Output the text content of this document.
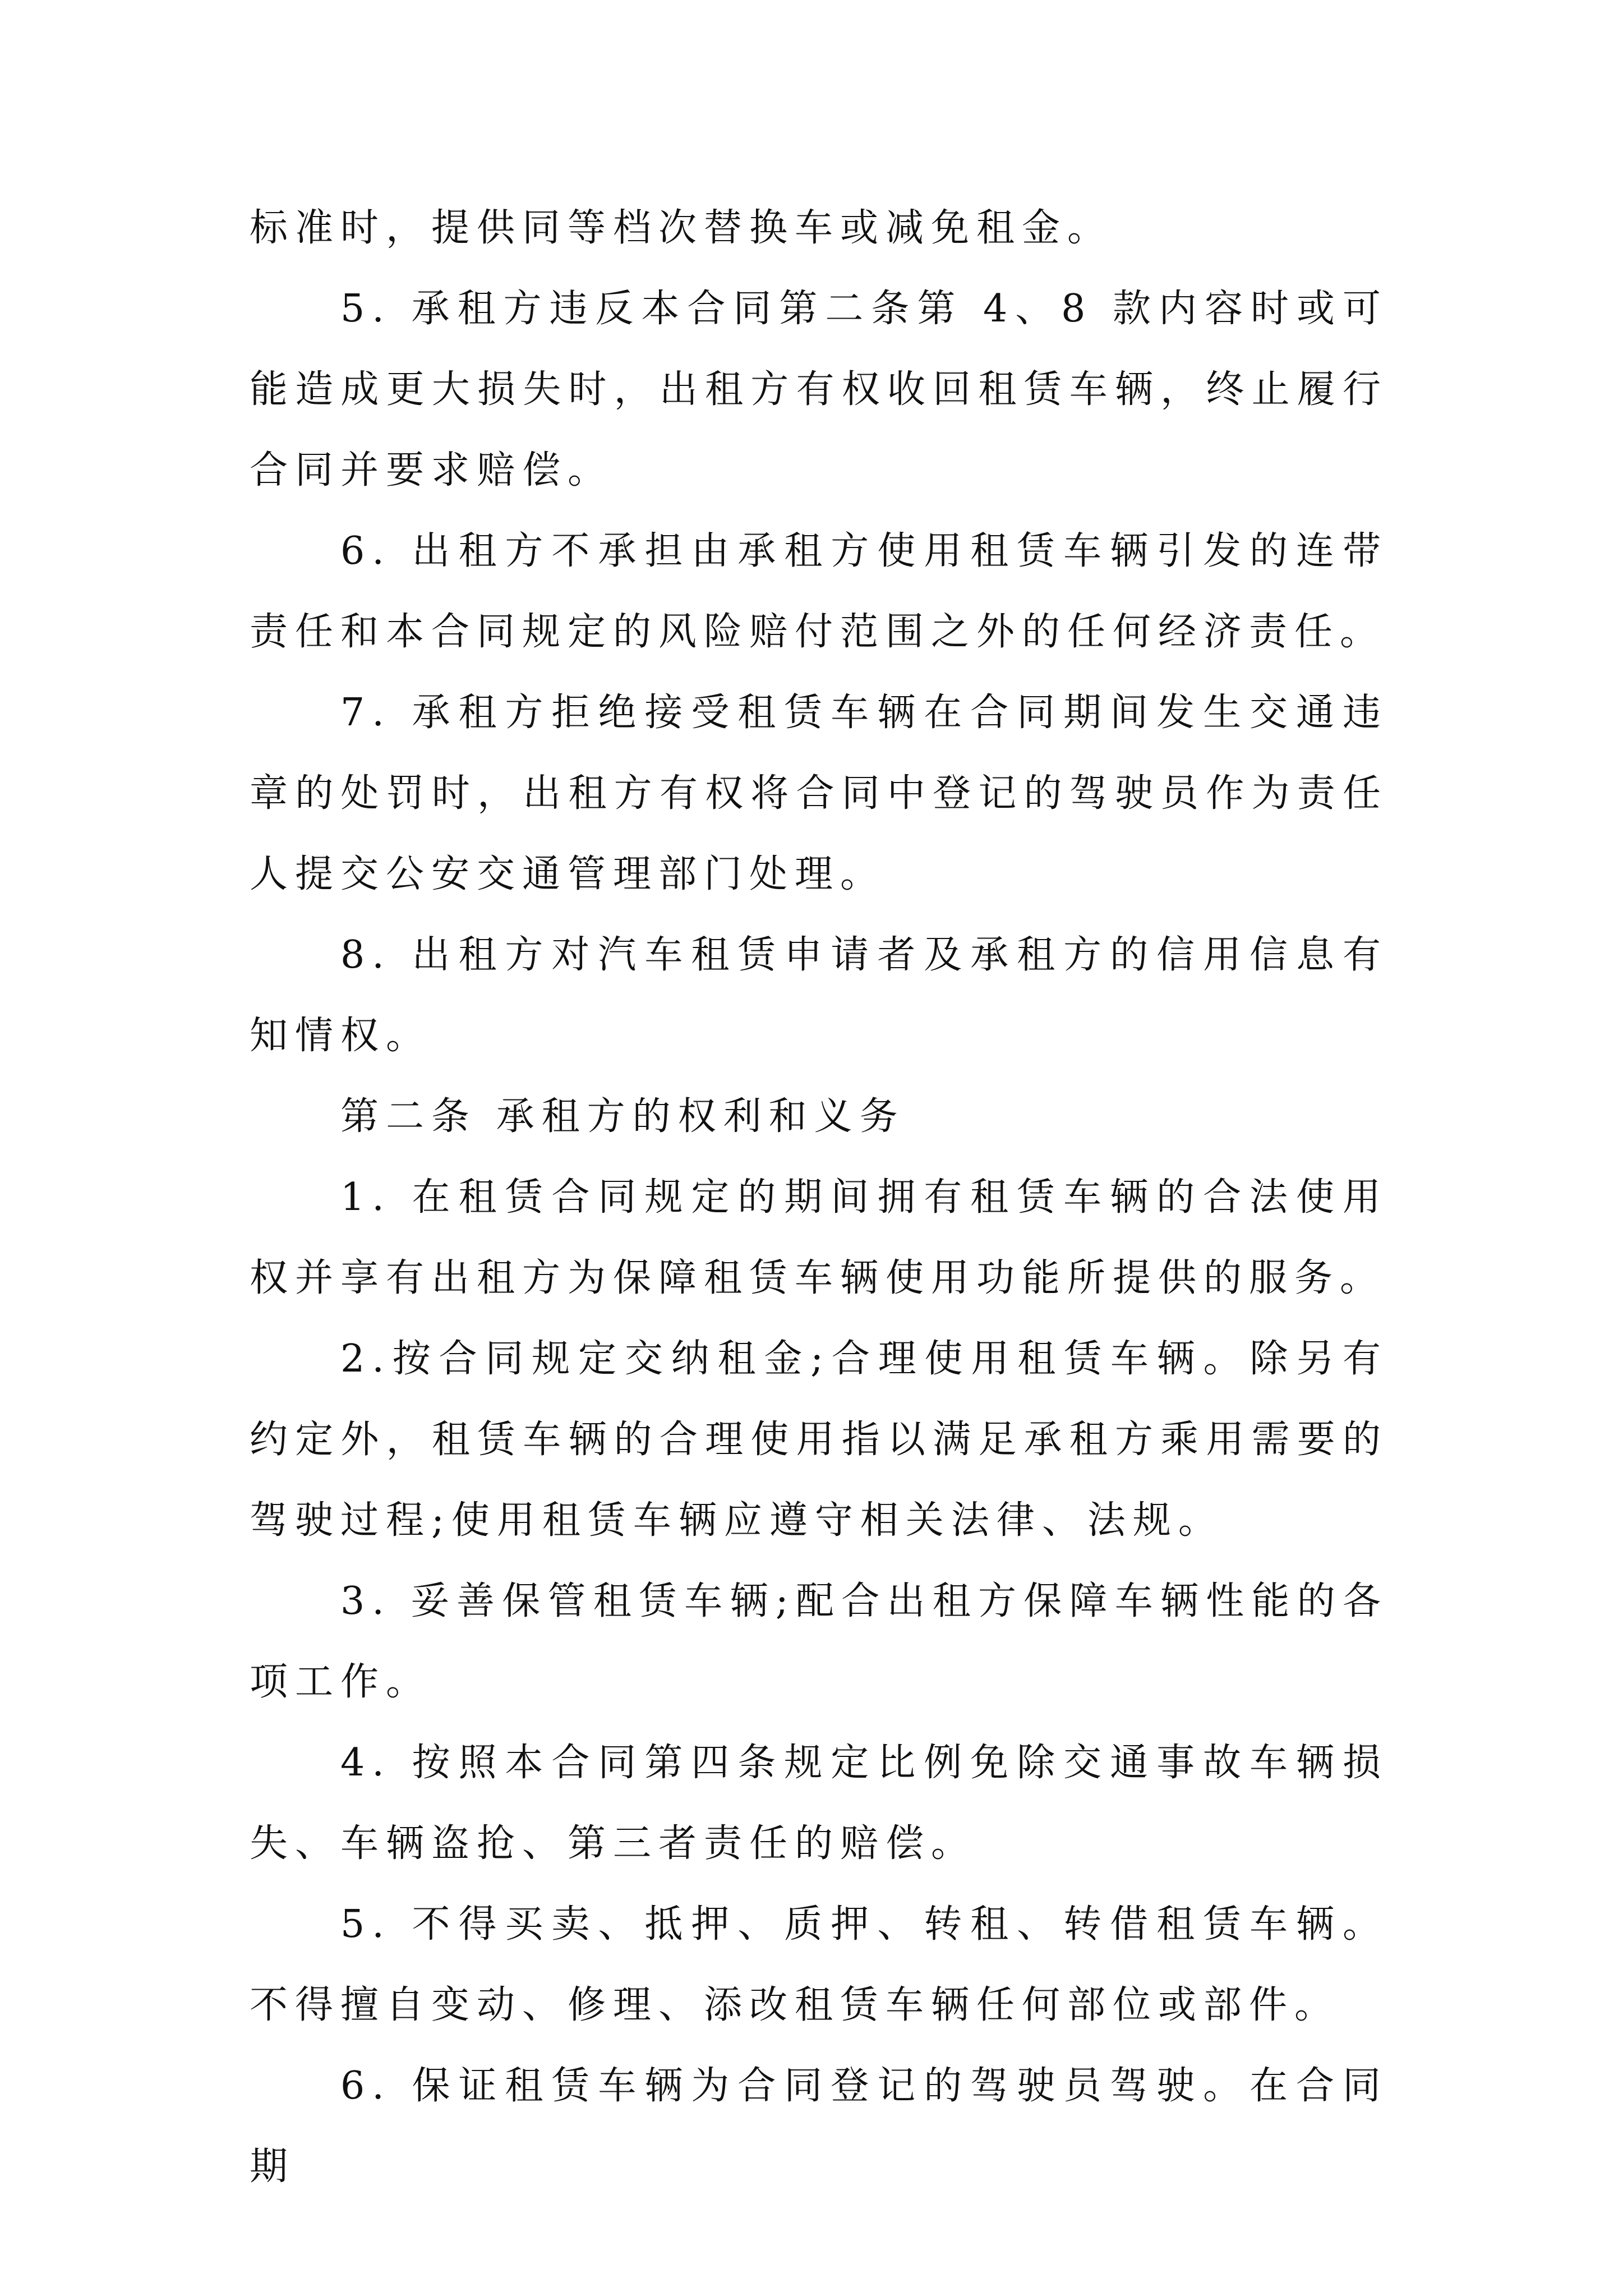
标准时，提供同等档次替换车或减免租金。

5. 承租方违反本合同第二条第 4、8 款内容时或可能造成更大损失时，出租方有权收回租赁车辆，终止履行合同并要求赔偿。

6. 出租方不承担由承租方使用租赁车辆引发的连带责任和本合同规定的风险赔付范围之外的任何经济责任。

7. 承租方拒绝接受租赁车辆在合同期间发生交通违章的处罚时，出租方有权将合同中登记的驾驶员作为责任人提交公安交通管理部门处理。

8. 出租方对汽车租赁申请者及承租方的信用信息有知情权。

第二条 承租方的权利和义务

1. 在租赁合同规定的期间拥有租赁车辆的合法使用权并享有出租方为保障租赁车辆使用功能所提供的服务。

2.按合同规定交纳租金;合理使用租赁车辆。除另有约定外，租赁车辆的合理使用指以满足承租方乘用需要的驾驶过程;使用租赁车辆应遵守相关法律、法规。

3. 妥善保管租赁车辆;配合出租方保障车辆性能的各项工作。

4. 按照本合同第四条规定比例免除交通事故车辆损失、车辆盗抢、第三者责任的赔偿。

5. 不得买卖、抵押、质押、转租、转借租赁车辆。不得擅自变动、修理、添改租赁车辆任何部位或部件。

6. 保证租赁车辆为合同登记的驾驶员驾驶。在合同期
